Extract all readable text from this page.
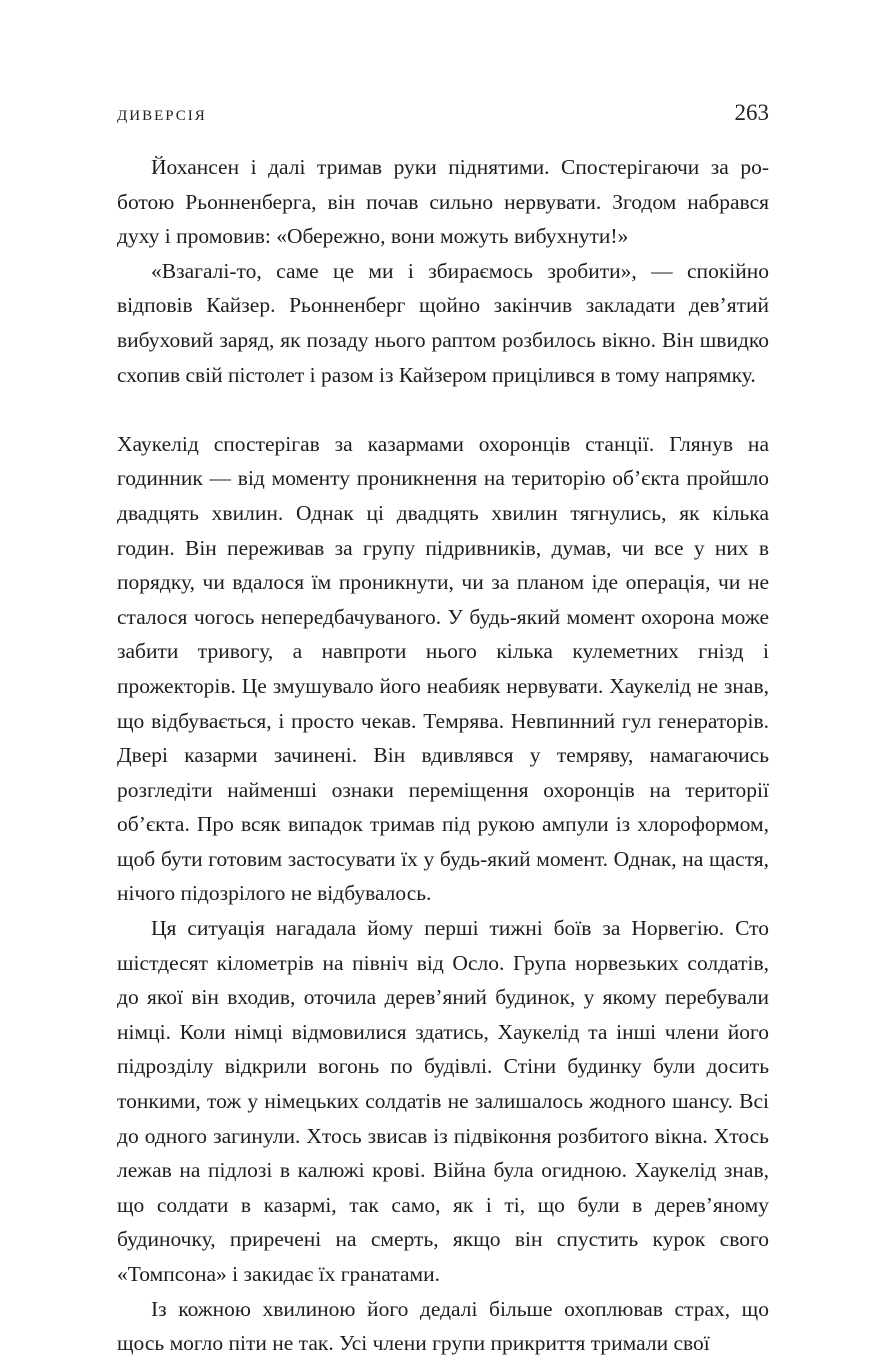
ДИВЕРСІЯ	263

Йохансен і далі тримав руки піднятими. Спостерігаючи за роботою Рьонненберга, він почав сильно нервувати. Згодом набрався духу і промовив: «Обережно, вони можуть вибухнути!»

«Взагалі-то, саме це ми і збираємось зробити», — спокійно відповів Кайзер. Рьонненберг щойно закінчив закладати дев’ятий вибуховий заряд, як позаду нього раптом розбилось вікно. Він швидко схопив свій пістолет і разом із Кайзером прицілився в тому напрямку.

Хаукелід спостерігав за казармами охоронців станції. Глянув на годинник — від моменту проникнення на територію об’єкта пройшло двадцять хвилин. Однак ці двадцять хвилин тягнулись, як кілька годин. Він переживав за групу підривників, думав, чи все у них в порядку, чи вдалося їм проникнути, чи за планом іде операція, чи не сталося чогось непередбачуваного. У будь-який момент охорона може забити тривогу, а навпроти нього кілька кулеметних гнізд і прожекторів. Це змушувало його неабияк нервувати. Хаукелід не знав, що відбувається, і просто чекав. Темрява. Невпинний гул генераторів. Двері казарми зачинені. Він вдивлявся у темряву, намагаючись розгледіти найменші ознаки переміщення охоронців на території об’єкта. Про всяк випадок тримав під рукою ампули із хлороформом, щоб бути готовим застосувати їх у будь-який момент. Однак, на щастя, нічого підозрілого не відбувалось.

Ця ситуація нагадала йому перші тижні боїв за Норвегію. Сто шістдесят кілометрів на північ від Осло. Група норвезьких солдатів, до якої він входив, оточила дерев’яний будинок, у якому перебували німці. Коли німці відмовилися здатись, Хаукелід та інші члени його підрозділу відкрили вогонь по будівлі. Стіни будинку були досить тонкими, тож у німецьких солдатів не залишалось жодного шансу. Всі до одного загинули. Хтось звисав із підвіконня розбитого вікна. Хтось лежав на підлозі в калюжі крові. Війна була огидною. Хаукелід знав, що солдати в казармі, так само, як і ті, що були в дерев’яному будиночку, приречені на смерть, якщо він спустить курок свого «Томпсона» і закидає їх гранатами.

Із кожною хвилиною його дедалі більше охоплював страх, що щось могло піти не так. Усі члени групи прикриття тримали свої
